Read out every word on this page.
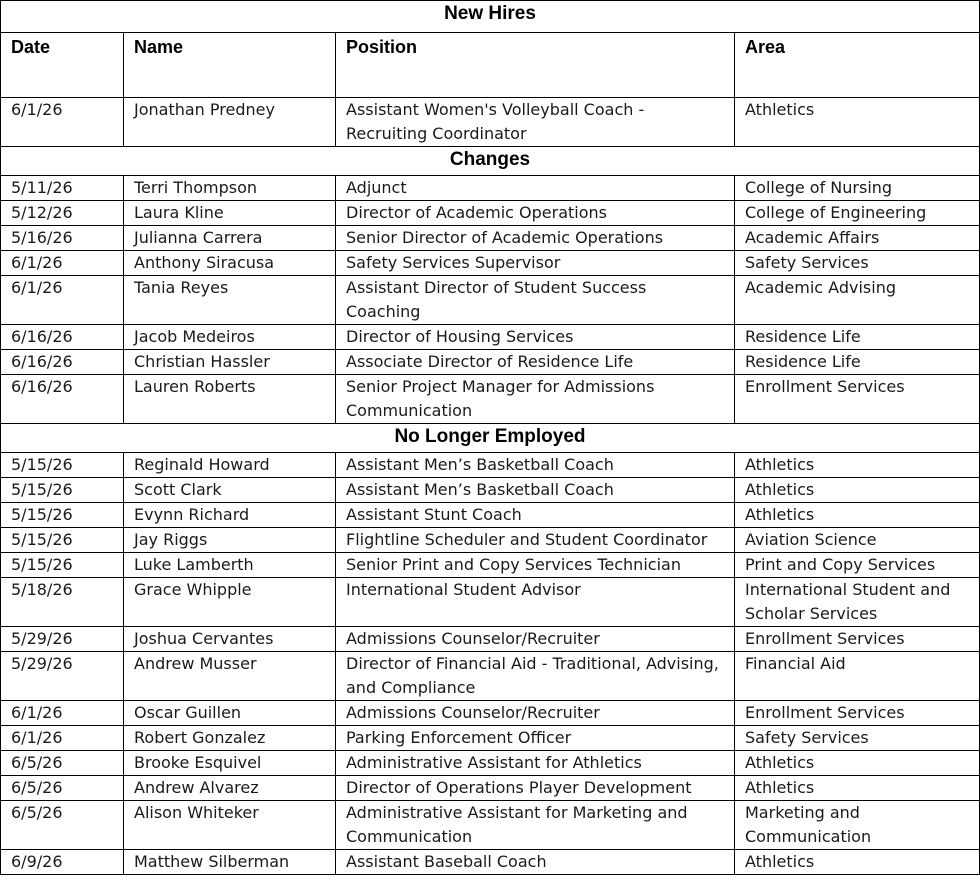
New Hires			
Date	Name	Position	Area
6/1/26	Jonathan Predney	Assistant Women's Volleyball Coach - Recruiting Coordinator	Athletics
Changes			
5/11/26	Terri Thompson	Adjunct	College of Nursing
5/12/26	Laura Kline	Director of Academic Operations	College of Engineering
5/16/26	Julianna Carrera	Senior Director of Academic Operations	Academic Affairs
6/1/26	Anthony Siracusa	Safety Services Supervisor	Safety Services
6/1/26	Tania Reyes	Assistant Director of Student Success Coaching	Academic Advising
6/16/26	Jacob Medeiros	Director of Housing Services	Residence Life
6/16/26	Christian Hassler	Associate Director of Residence Life	Residence Life
6/16/26	Lauren Roberts	Senior Project Manager for Admissions Communication	Enrollment Services
No Longer Employed			
5/15/26	Reginald Howard	Assistant Men’s Basketball Coach	Athletics
5/15/26	Scott Clark	Assistant Men’s Basketball Coach	Athletics
5/15/26	Evynn Richard	Assistant Stunt Coach	Athletics
5/15/26	Jay Riggs	Flightline Scheduler and Student Coordinator	Aviation Science
5/15/26	Luke Lamberth	Senior Print and Copy Services Technician	Print and Copy Services
5/18/26	Grace Whipple	International Student Advisor	International Student and Scholar Services
5/29/26	Joshua Cervantes	Admissions Counselor/Recruiter	Enrollment Services
5/29/26	Andrew Musser	Director of Financial Aid - Traditional, Advising, and Compliance	Financial Aid
6/1/26	Oscar Guillen	Admissions Counselor/Recruiter	Enrollment Services
6/1/26	Robert Gonzalez	Parking Enforcement Officer	Safety Services
6/5/26	Brooke Esquivel	Administrative Assistant for Athletics	Athletics
6/5/26	Andrew Alvarez	Director of Operations Player Development	Athletics
6/5/26	Alison Whiteker	Administrative Assistant for Marketing and Communication	Marketing and Communication
6/9/26	Matthew Silberman	Assistant Baseball Coach	Athletics
